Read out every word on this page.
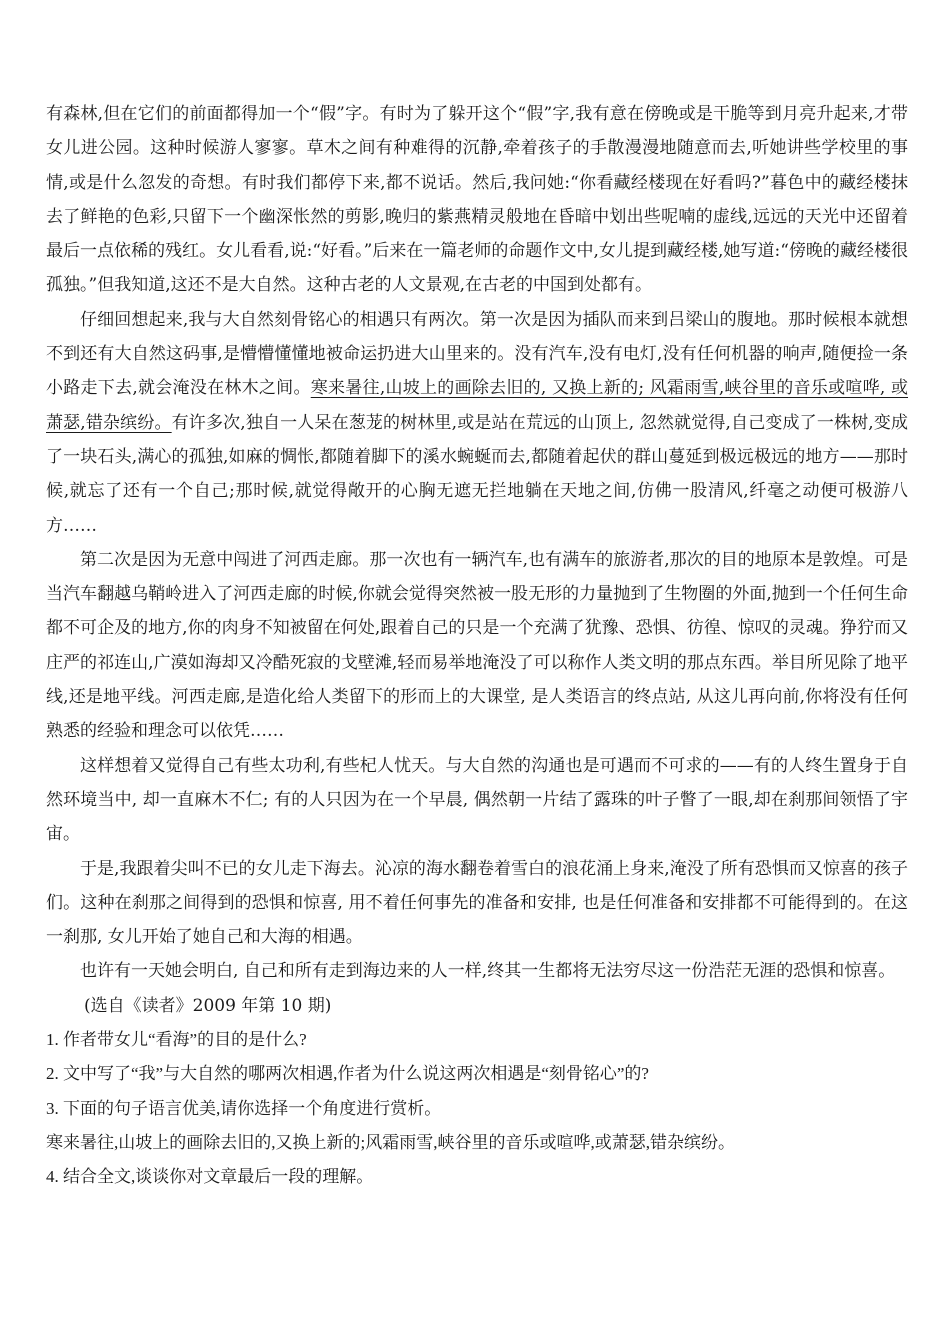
有森林,但在它们的前面都得加一个“假”字。有时为了躲开这个“假”字,我有意在傍晚或是干脆等到月亮升起来,才带女儿进公园。这种时候游人寥寥。草木之间有种难得的沉静,牵着孩子的手散漫漫地随意而去,听她讲些学校里的事情,或是什么忽发的奇想。有时我们都停下来,都不说话。然后,我问她:“你看藏经楼现在好看吗?”暮色中的藏经楼抹去了鲜艳的色彩,只留下一个幽深怅然的剪影,晚归的紫燕精灵般地在昏暗中划出些呢喃的虚线,远远的天光中还留着最后一点依稀的残红。女儿看看,说:“好看。”后来在一篇老师的命题作文中,女儿提到藏经楼,她写道:“傍晚的藏经楼很孤独。”但我知道,这还不是大自然。这种古老的人文景观,在古老的中国到处都有。

仔细回想起来,我与大自然刻骨铭心的相遇只有两次。第一次是因为插队而来到吕梁山的腹地。那时候根本就想不到还有大自然这码事,是懵懵懂懂地被命运扔进大山里来的。没有汽车,没有电灯,没有任何机器的响声,随便捡一条小路走下去,就会淹没在林木之间。寒来暑往,山坡上的画除去旧的, 又换上新的; 风霜雨雪,峡谷里的音乐或喧哗, 或萧瑟,错杂缤纷。有许多次,独自一人呆在葱茏的树林里,或是站在荒远的山顶上, 忽然就觉得,自己变成了一株树,变成了一块石头,满心的孤独,如麻的惆怅,都随着脚下的溪水蜿蜒而去,都随着起伏的群山蔓延到极远极远的地方——那时候,就忘了还有一个自己;那时候,就觉得敞开的心胸无遮无拦地躺在天地之间,仿佛一股清风,纤毫之动便可极游八方……

第二次是因为无意中闯进了河西走廊。那一次也有一辆汽车,也有满车的旅游者,那次的目的地原本是敦煌。可是当汽车翻越乌鞘岭进入了河西走廊的时候,你就会觉得突然被一股无形的力量抛到了生物圈的外面,抛到一个任何生命都不可企及的地方,你的肉身不知被留在何处,跟着自己的只是一个充满了犹豫、恐惧、彷徨、惊叹的灵魂。狰狞而又庄严的祁连山,广漠如海却又冷酷死寂的戈壁滩,轻而易举地淹没了可以称作人类文明的那点东西。举目所见除了地平线,还是地平线。河西走廊,是造化给人类留下的形而上的大课堂, 是人类语言的终点站, 从这儿再向前,你将没有任何熟悉的经验和理念可以依凭……

这样想着又觉得自己有些太功利,有些杞人忧天。与大自然的沟通也是可遇而不可求的——有的人终生置身于自然环境当中, 却一直麻木不仁; 有的人只因为在一个早晨, 偶然朝一片结了露珠的叶子瞥了一眼,却在刹那间领悟了宇宙。

于是,我跟着尖叫不已的女儿走下海去。沁凉的海水翻卷着雪白的浪花涌上身来,淹没了所有恐惧而又惊喜的孩子们。这种在刹那之间得到的恐惧和惊喜, 用不着任何事先的准备和安排, 也是任何准备和安排都不可能得到的。在这一刹那, 女儿开始了她自己和大海的相遇。

也许有一天她会明白, 自己和所有走到海边来的人一样,终其一生都将无法穷尽这一份浩茫无涯的恐惧和惊喜。

(选自《读者》2009 年第 10 期)

1. 作者带女儿“看海”的目的是什么?

2. 文中写了“我”与大自然的哪两次相遇,作者为什么说这两次相遇是“刻骨铭心”的?

3. 下面的句子语言优美,请你选择一个角度进行赏析。

寒来暑往,山坡上的画除去旧的,又换上新的;风霜雨雪,峡谷里的音乐或喧哗,或萧瑟,错杂缤纷。

4. 结合全文,谈谈你对文章最后一段的理解。
